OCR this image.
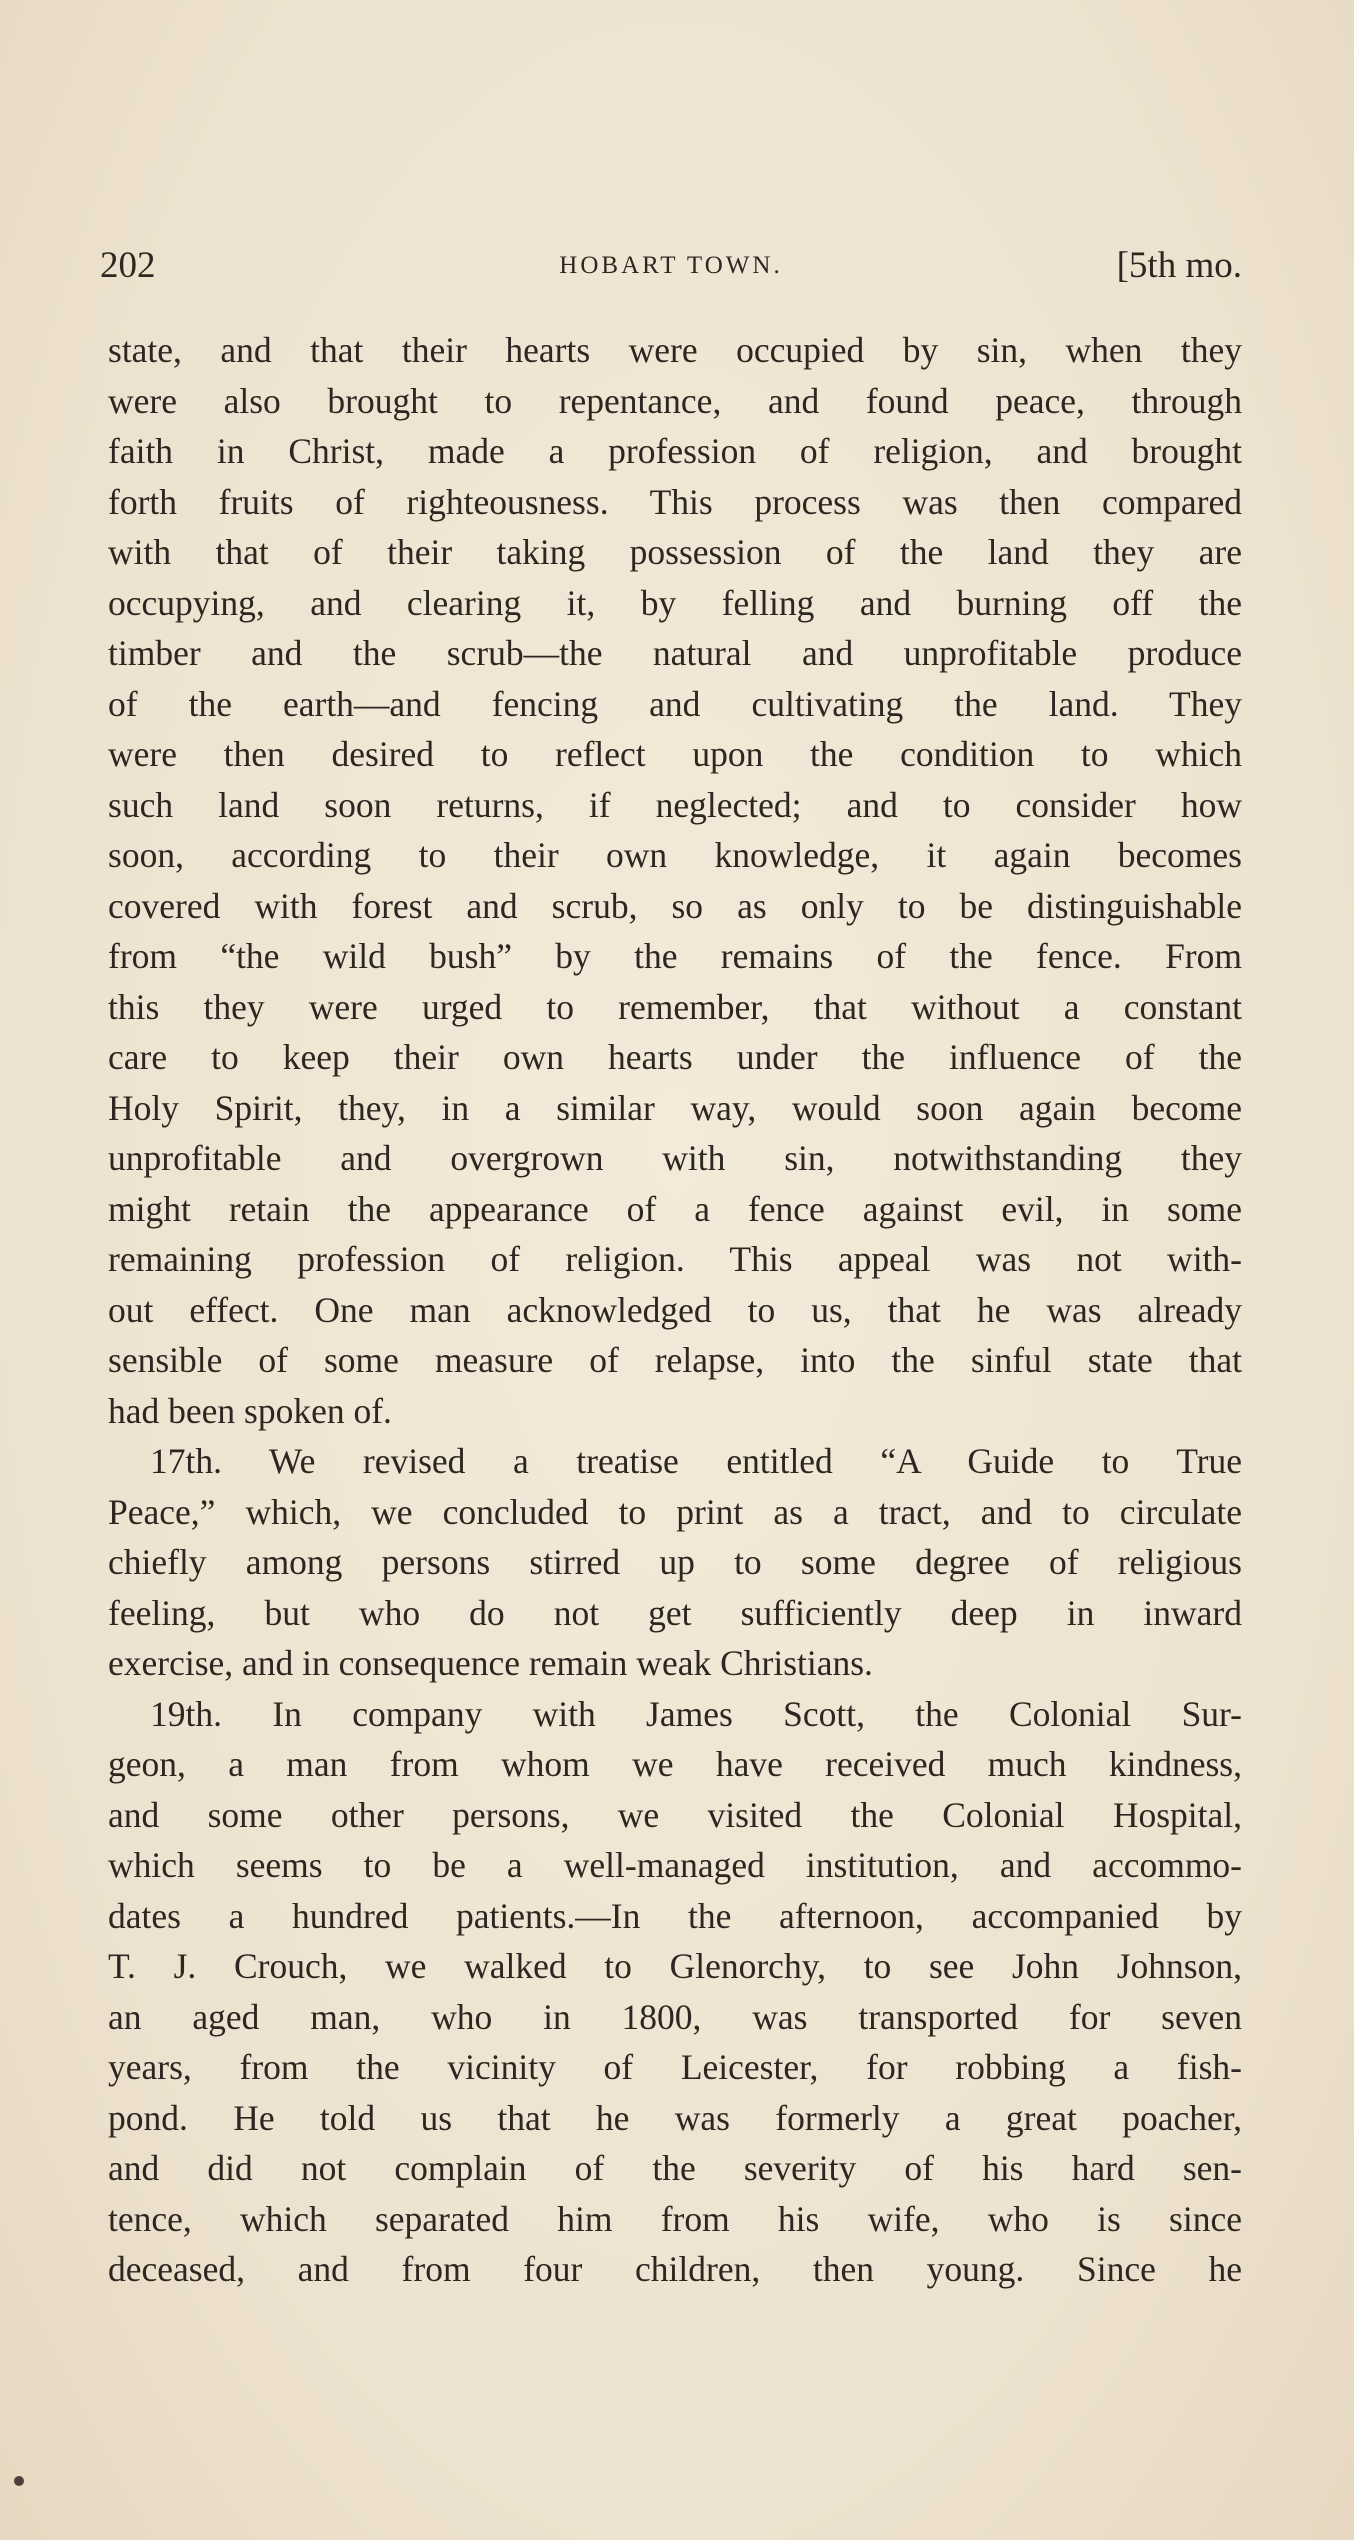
202	HOBART TOWN.	[5th mo.
state, and that their hearts were occupied by sin, when they
were also brought to repentance, and found peace, through
faith in Christ, made a profession of religion, and brought
forth fruits of righteousness. This process was then compared
with that of their taking possession of the land they are
occupying, and clearing it, by felling and burning off the
timber and the scrub—the natural and unprofitable produce
of the earth—and fencing and cultivating the land. They
were then desired to reflect upon the condition to which
such land soon returns, if neglected; and to consider how
soon, according to their own knowledge, it again becomes
covered with forest and scrub, so as only to be distinguishable
from “the wild bush” by the remains of the fence. From
this they were urged to remember, that without a constant
care to keep their own hearts under the influence of the
Holy Spirit, they, in a similar way, would soon again become
unprofitable and overgrown with sin, notwithstanding they
might retain the appearance of a fence against evil, in some
remaining profession of religion. This appeal was not with-
out effect. One man acknowledged to us, that he was already
sensible of some measure of relapse, into the sinful state that
had been spoken of.
17th. We revised a treatise entitled “A Guide to True
Peace,” which, we concluded to print as a tract, and to circulate
chiefly among persons stirred up to some degree of religious
feeling, but who do not get sufficiently deep in inward
exercise, and in consequence remain weak Christians.
19th. In company with James Scott, the Colonial Sur-
geon, a man from whom we have received much kindness,
and some other persons, we visited the Colonial Hospital,
which seems to be a well-managed institution, and accommo-
dates a hundred patients.—In the afternoon, accompanied by
T. J. Crouch, we walked to Glenorchy, to see John Johnson,
an aged man, who in 1800, was transported for seven
years, from the vicinity of Leicester, for robbing a fish-
pond. He told us that he was formerly a great poacher,
and did not complain of the severity of his hard sen-
tence, which separated him from his wife, who is since
deceased, and from four children, then young. Since he
